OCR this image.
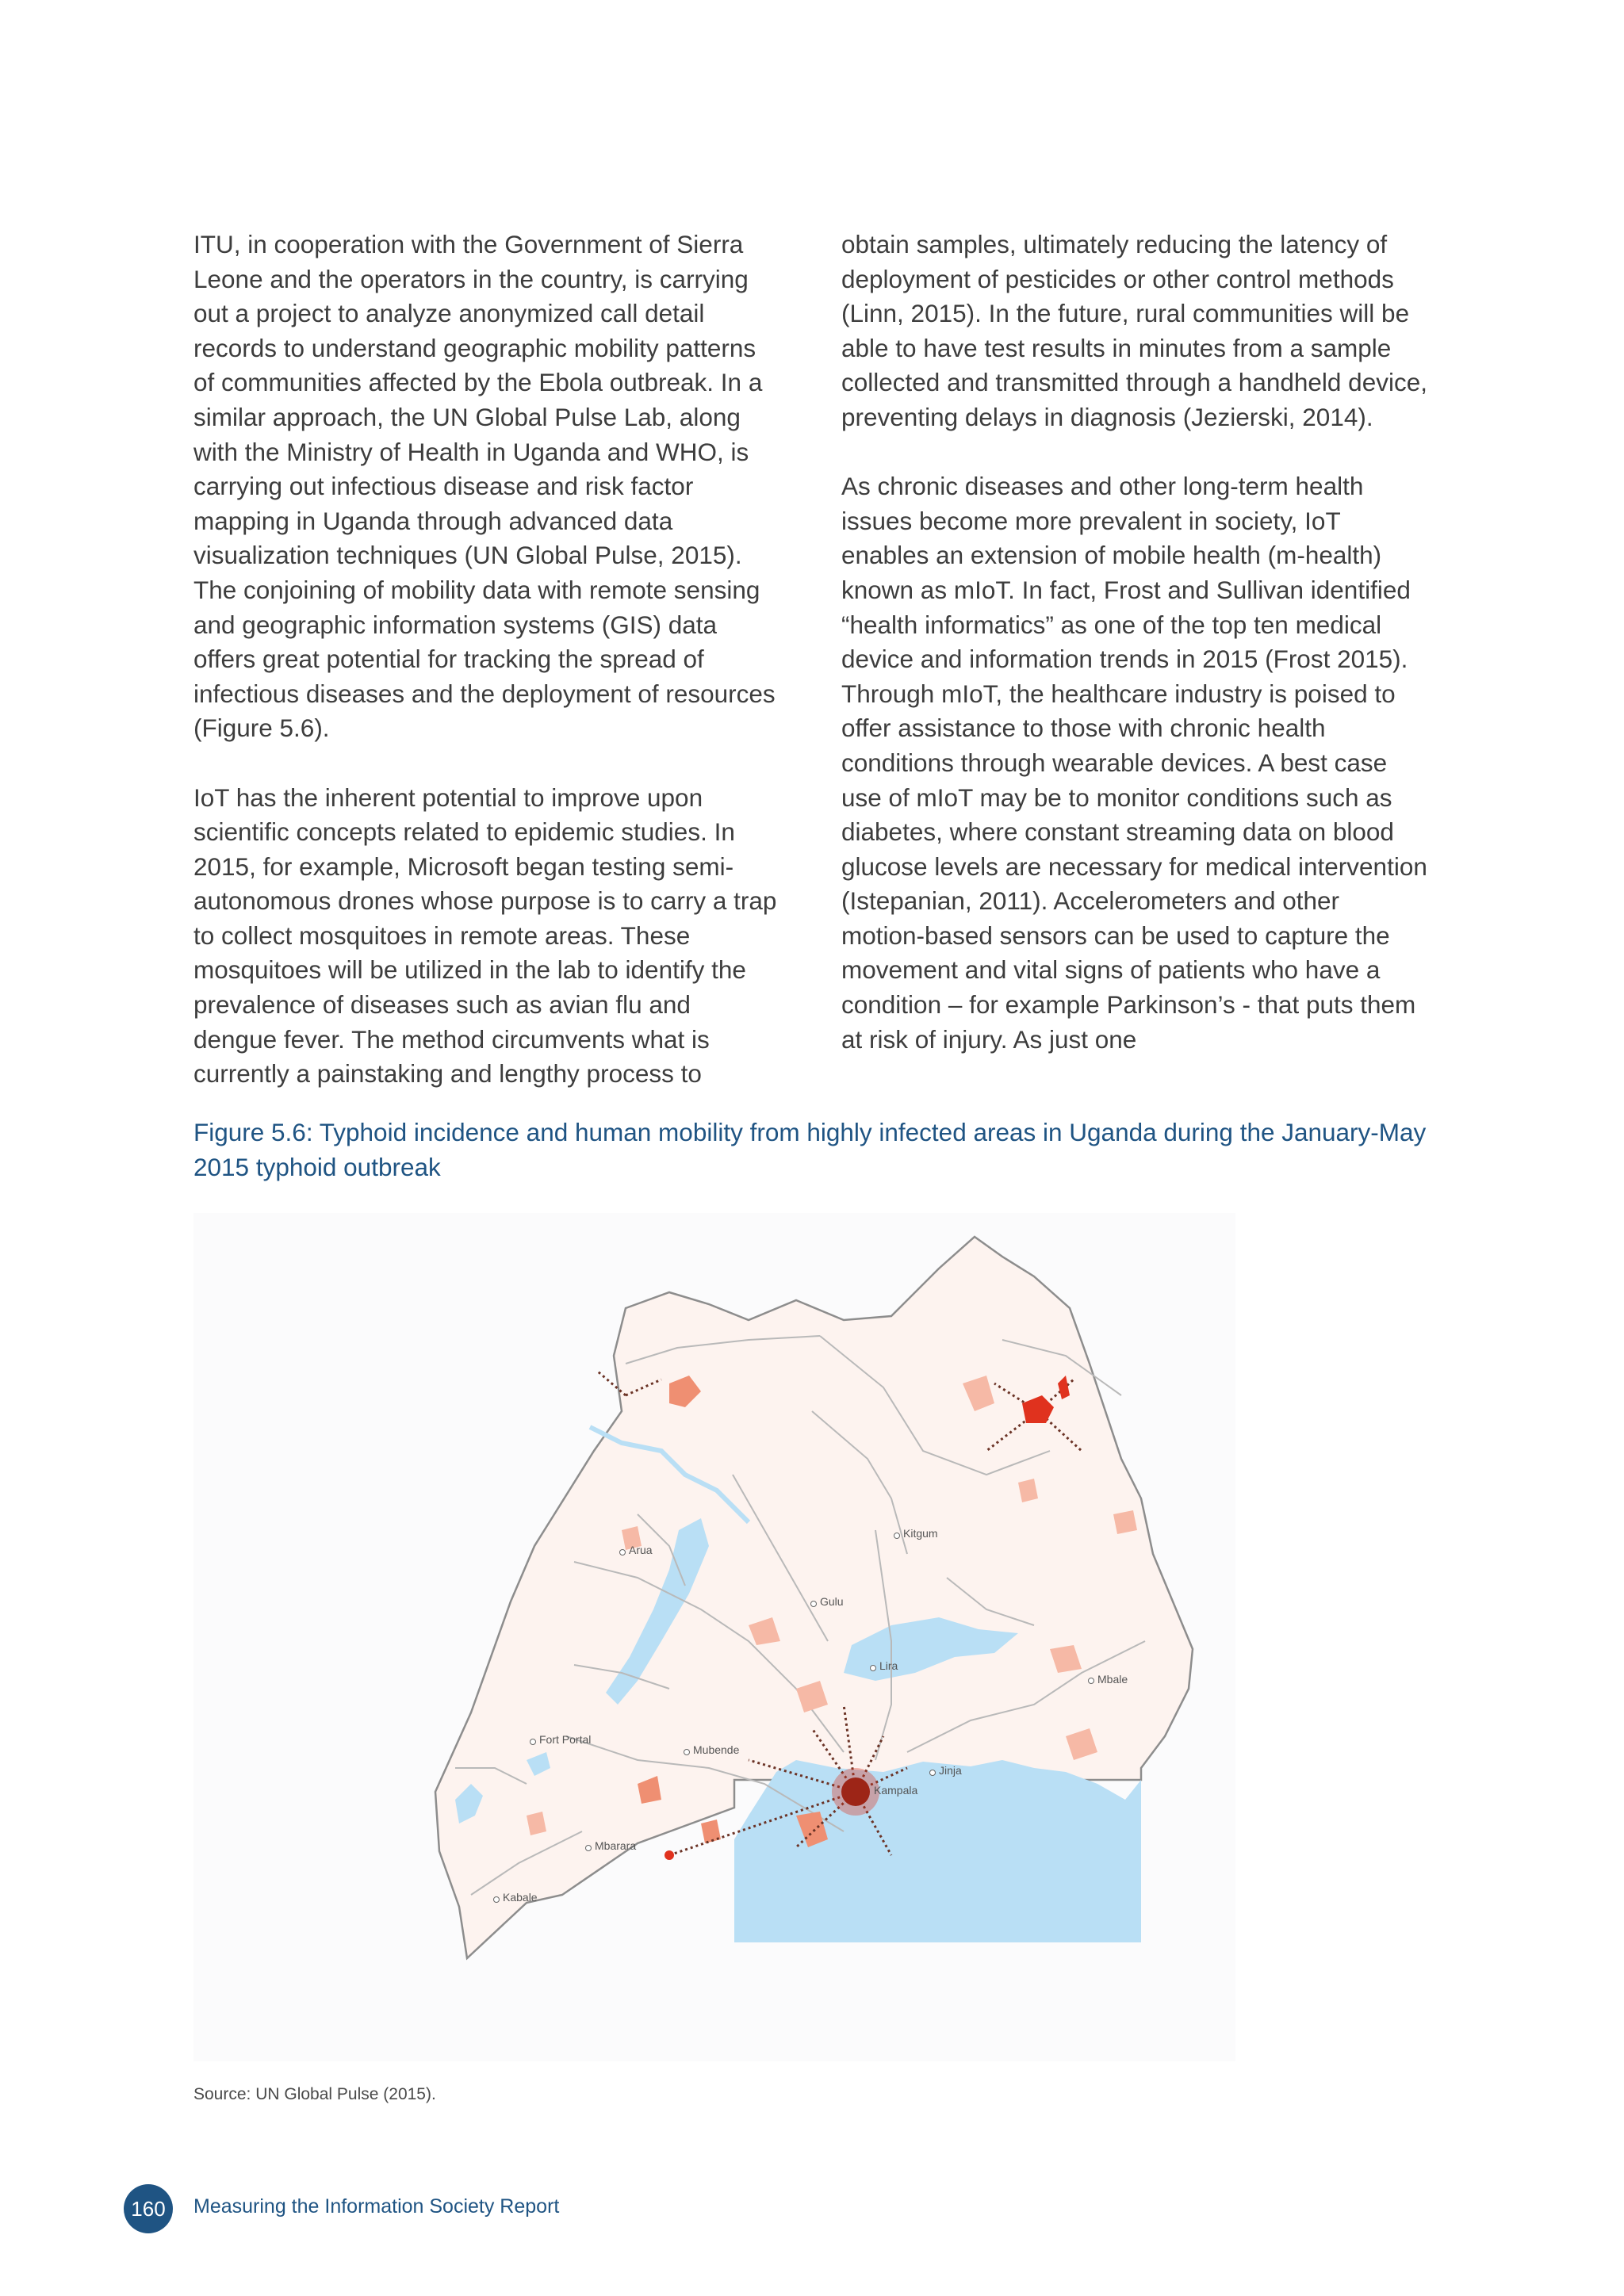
ITU, in cooperation with the Government of Sierra Leone and the operators in the country, is carrying out a project to analyze anonymized call detail records to understand geographic mobility patterns of communities affected by the Ebola outbreak. In a similar approach, the UN Global Pulse Lab, along with the Ministry of Health in Uganda and WHO, is carrying out infectious disease and risk factor mapping in Uganda through advanced data visualization techniques (UN Global Pulse, 2015). The conjoining of mobility data with remote sensing and geographic information systems (GIS) data offers great potential for tracking the spread of infectious diseases and the deployment of resources (Figure 5.6).

IoT has the inherent potential to improve upon scientific concepts related to epidemic studies. In 2015, for example, Microsoft began testing semi-autonomous drones whose purpose is to carry a trap to collect mosquitoes in remote areas. These mosquitoes will be utilized in the lab to identify the prevalence of diseases such as avian flu and dengue fever. The method circumvents what is currently a painstaking and lengthy process to

obtain samples, ultimately reducing the latency of deployment of pesticides or other control methods (Linn, 2015). In the future, rural communities will be able to have test results in minutes from a sample collected and transmitted through a handheld device, preventing delays in diagnosis (Jezierski, 2014).

As chronic diseases and other long-term health issues become more prevalent in society, IoT enables an extension of mobile health (m-health) known as mIoT. In fact, Frost and Sullivan identified “health informatics” as one of the top ten medical device and information trends in 2015 (Frost 2015). Through mIoT, the healthcare industry is poised to offer assistance to those with chronic health conditions through wearable devices. A best case use of mIoT may be to monitor conditions such as diabetes, where constant streaming data on blood glucose levels are necessary for medical intervention (Istepanian, 2011). Accelerometers and other motion-based sensors can be used to capture the movement and vital signs of patients who have a condition – for example Parkinson’s - that puts them at risk of injury. As just one

Figure 5.6: Typhoid incidence and human mobility from highly infected areas in Uganda during the January-May 2015 typhoid outbreak
Kitgum
Arua
Gulu
Lira
Mbale
Fort Portal
Mubende
Kampala
Jinja
Mbarara
Kabale
Source: UN Global Pulse (2015).
160	Measuring the Information Society Report
